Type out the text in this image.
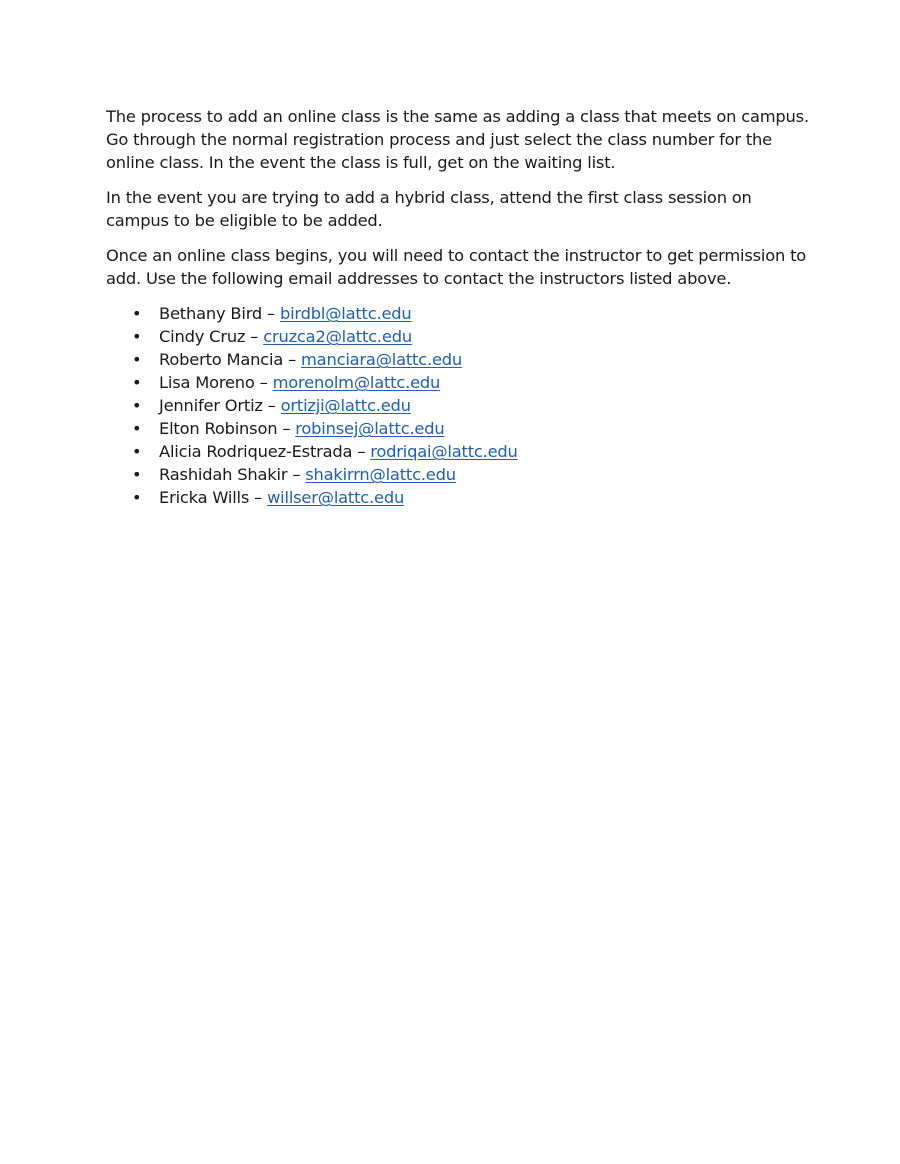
The process to add an online class is the same as adding a class that meets on campus.
Go through the normal registration process and just select the class number for the
online class. In the event the class is full, get on the waiting list.

In the event you are trying to add a hybrid class, attend the first class session on
campus to be eligible to be added.

Once an online class begins, you will need to contact the instructor to get permission to
add. Use the following email addresses to contact the instructors listed above.

• Bethany Bird – birdbl@lattc.edu
• Cindy Cruz – cruzca2@lattc.edu
• Roberto Mancia – manciara@lattc.edu
• Lisa Moreno – morenolm@lattc.edu
• Jennifer Ortiz – ortizji@lattc.edu
• Elton Robinson – robinsej@lattc.edu
• Alicia Rodriquez-Estrada – rodriqai@lattc.edu
• Rashidah Shakir – shakirrn@lattc.edu
• Ericka Wills – willser@lattc.edu
